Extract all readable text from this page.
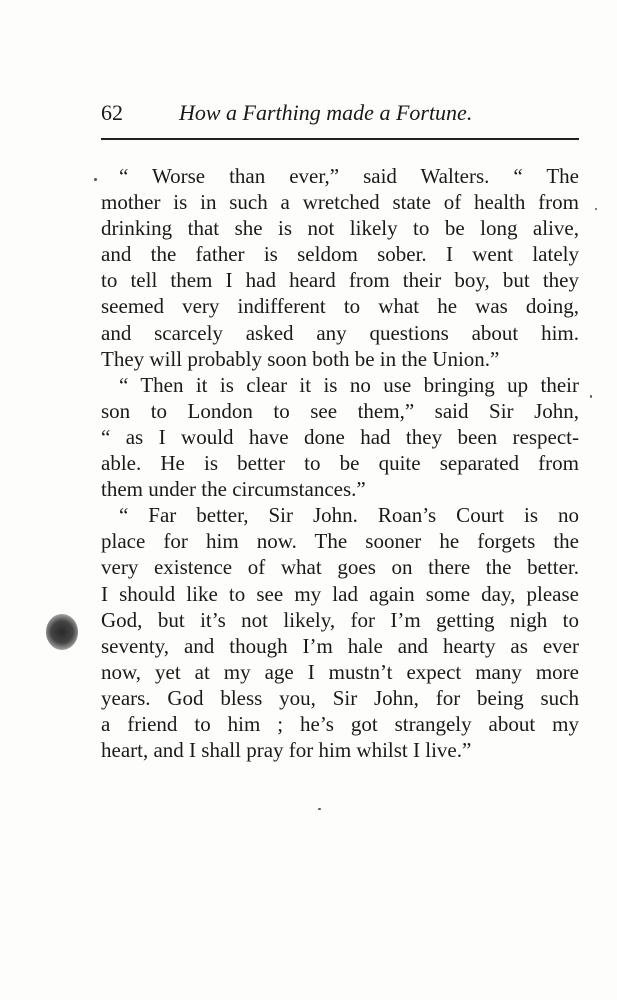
62	How a Farthing made a Fortune.
“ Worse than ever,” said Walters. “ The
mother is in such a wretched state of health from
drinking that she is not likely to be long alive,
and the father is seldom sober. I went lately
to tell them I had heard from their boy, but they
seemed very indifferent to what he was doing,
and scarcely asked any questions about him.
They will probably soon both be in the Union.”
“ Then it is clear it is no use bringing up their
son to London to see them,” said Sir John,
“ as I would have done had they been respect-
able. He is better to be quite separated from
them under the circumstances.”
“ Far better, Sir John. Roan’s Court is no
place for him now. The sooner he forgets the
very existence of what goes on there the better.
I should like to see my lad again some day, please
God, but it’s not likely, for I’m getting nigh to
seventy, and though I’m hale and hearty as ever
now, yet at my age I mustn’t expect many more
years. God bless you, Sir John, for being such
a friend to him ; he’s got strangely about my
heart, and I shall pray for him whilst I live.”
